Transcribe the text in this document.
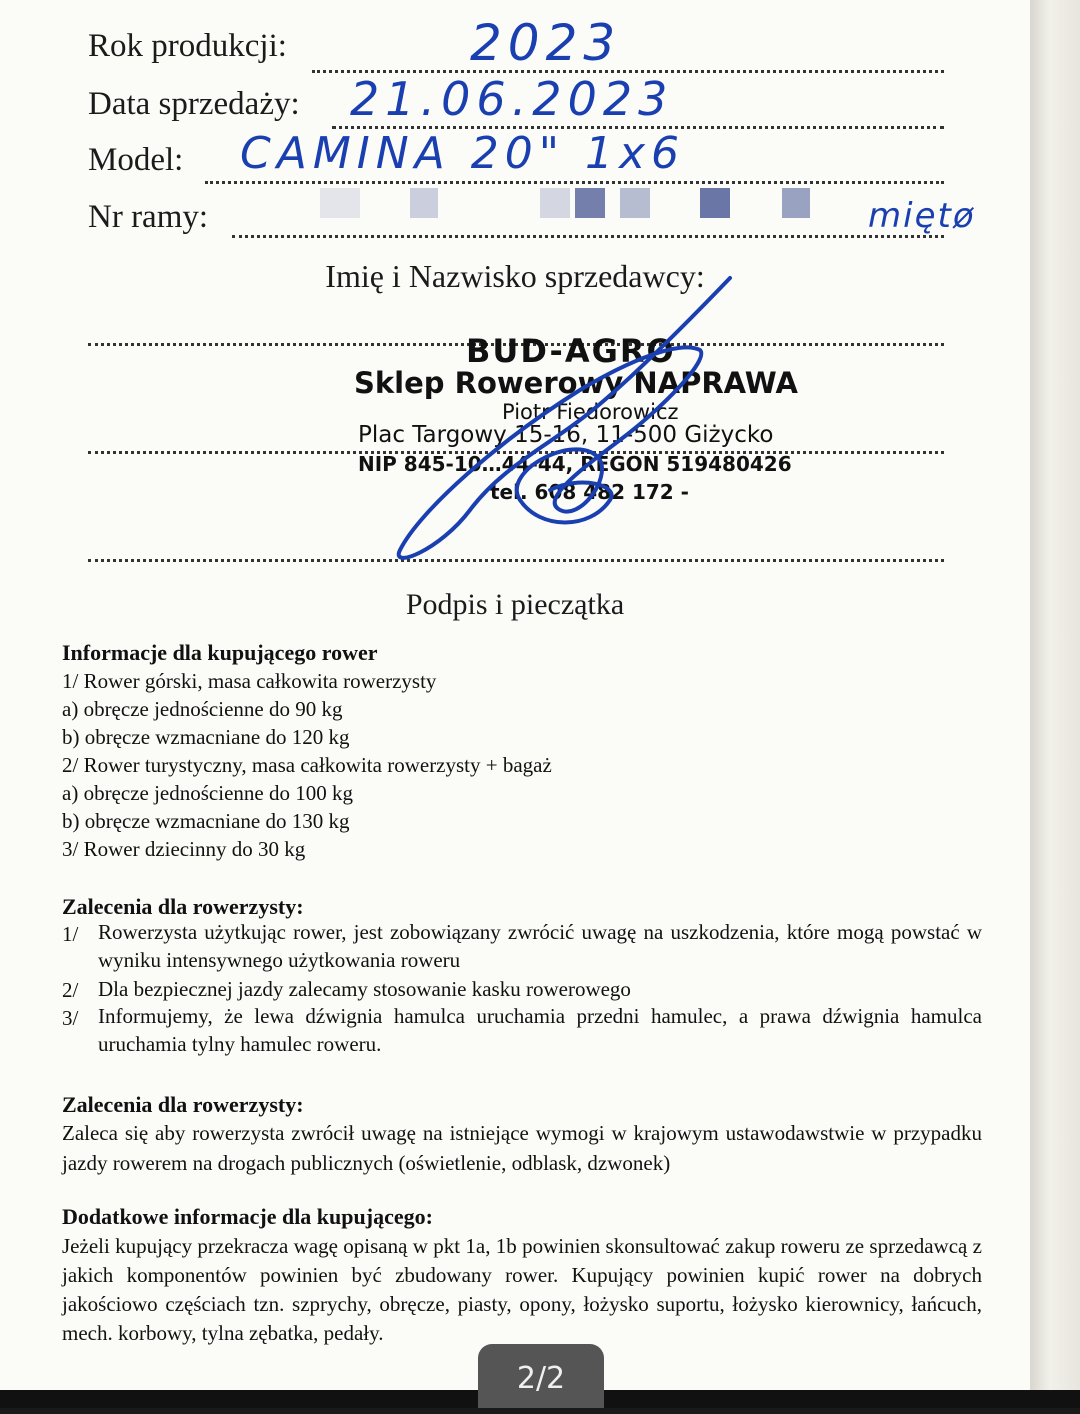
Rok produkcji:	2023
Data sprzedaży: 21.06.2023
Model: CAMINA 20" 1x6
Nr ramy:	miętø
Imię i Nazwisko sprzedawcy:
BUD-AGRO
Sklep Rowerowy NAPRAWA
Piotr Fiedorowicz
Plac Targowy 15-16, 11-500 Giżycko
NIP 845-10…44-44, REGON 519480426
tel. 608 482 172 -
Podpis i pieczątka
Informacje dla kupującego rower
1/ Rower górski, masa całkowita rowerzysty
a) obręcze jednościenne do 90 kg
b) obręcze wzmacniane do 120 kg
2/ Rower turystyczny, masa całkowita rowerzysty + bagaż
a) obręcze jednościenne do 100 kg
b) obręcze wzmacniane do 130 kg
3/ Rower dziecinny do 30 kg
Zalecenia dla rowerzysty:
1/ Rowerzysta użytkując rower, jest zobowiązany zwrócić uwagę na uszkodzenia, które mogą powstać w wyniku intensywnego użytkowania roweru
2/ Dla bezpiecznej jazdy zalecamy stosowanie kasku rowerowego
3/ Informujemy, że lewa dźwignia hamulca uruchamia przedni hamulec, a prawa dźwignia hamulca uruchamia tylny hamulec roweru.
Zalecenia dla rowerzysty:
Zaleca się aby rowerzysta zwrócił uwagę na istniejące wymogi w krajowym ustawodawstwie w przypadku jazdy rowerem na drogach publicznych (oświetlenie, odblask, dzwonek)
Dodatkowe informacje dla kupującego:
Jeżeli kupujący przekracza wagę opisaną w pkt 1a, 1b powinien skonsultować zakup roweru ze sprzedawcą z jakich komponentów powinien być zbudowany rower. Kupujący powinien kupić rower na dobrych jakościowo częściach tzn. szprychy, obręcze, piasty, opony, łożysko suportu, łożysko kierownicy, łańcuch, mech. korbowy, tylna zębatka, pedały.
2/2
